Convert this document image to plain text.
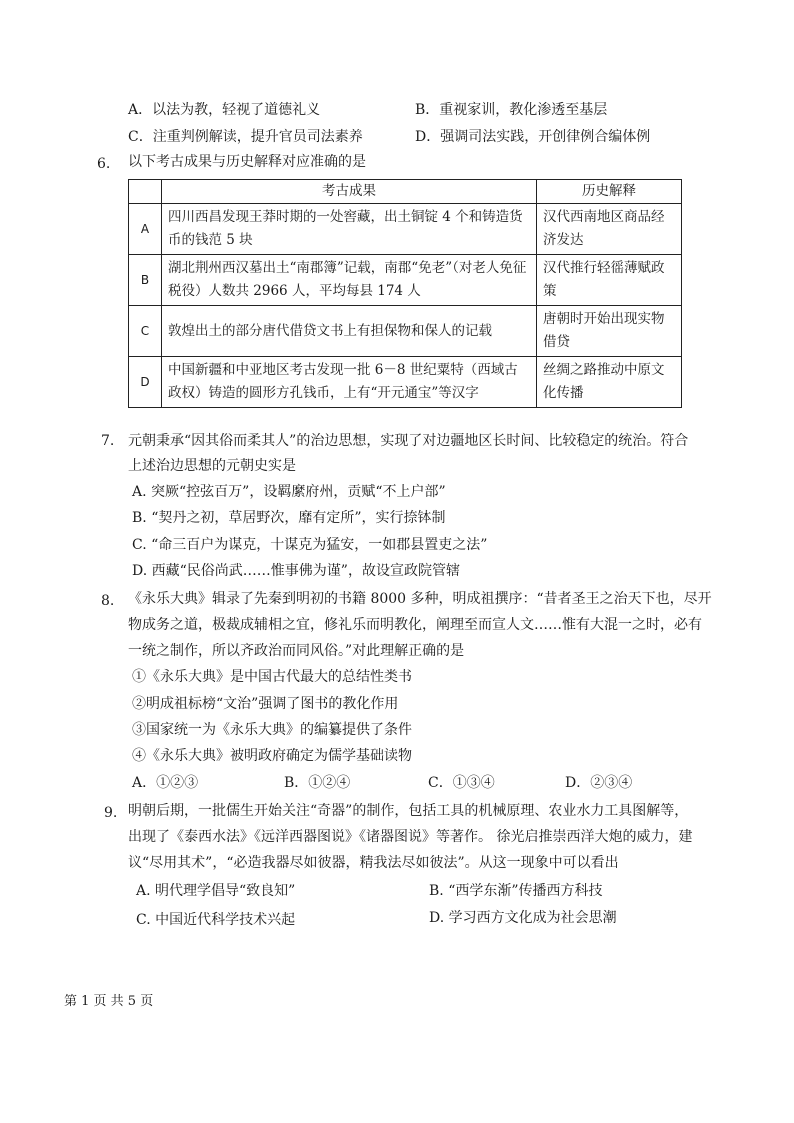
A．以法为教，轻视了道德礼义	B．重视家训，教化渗透至基层
C．注重判例解读，提升官员司法素养	D．强调司法实践，开创律例合编体例
6. 以下考古成果与历史解释对应准确的是
	考古成果	历史解释
A	四川西昌发现王莽时期的一处窖藏，出土铜锭 4 个和铸造货币的钱范 5 块	汉代西南地区商品经济发达
B	湖北荆州西汉墓出土“南郡簿”记载，南郡“免老”（对老人免征税役）人数共 2966 人，平均每县 174 人	汉代推行轻徭薄赋政策
C	敦煌出土的部分唐代借贷文书上有担保物和保人的记载	唐朝时开始出现实物借贷
D	中国新疆和中亚地区考古发现一批 6－8 世纪粟特（西域古政权）铸造的圆形方孔钱币，上有“开元通宝”等汉字	丝绸之路推动中原文化传播
7. 元朝秉承“因其俗而柔其人”的治边思想，实现了对边疆地区长时间、比较稳定的统治。符合
上述治边思想的元朝史实是
A. 突厥“控弦百万”，设羁縻府州，贡赋“不上户部”
B. “契丹之初，草居野次，靡有定所”，实行捺钵制
C. “命三百户为谋克，十谋克为猛安，一如郡县置吏之法”
D. 西藏“民俗尚武……惟事佛为谨”，故设宣政院管辖
8. 《永乐大典》辑录了先秦到明初的书籍 8000 多种，明成祖撰序：“昔者圣王之治天下也，尽开
物成务之道，极裁成辅相之宜，修礼乐而明教化，阐理至而宣人文……惟有大混一之时，必有
一统之制作，所以齐政治而同风俗。”对此理解正确的是
①《永乐大典》是中国古代最大的总结性类书
②明成祖标榜“文治”强调了图书的教化作用
③国家统一为《永乐大典》的编纂提供了条件
④《永乐大典》被明政府确定为儒学基础读物
A．①②③	B．①②④	C．①③④	D．②③④
9. 明朝后期，一批儒生开始关注“奇器”的制作，包括工具的机械原理、农业水力工具图解等，
出现了《泰西水法》《远洋西器图说》《诸器图说》等著作。 徐光启推崇西洋大炮的威力，建
议“尽用其术”，“必造我器尽如彼器，精我法尽如彼法”。从这一现象中可以看出
A. 明代理学倡导“致良知”	B. “西学东渐”传播西方科技
C. 中国近代科学技术兴起	D. 学习西方文化成为社会思潮
第 1 页 共 5 页
